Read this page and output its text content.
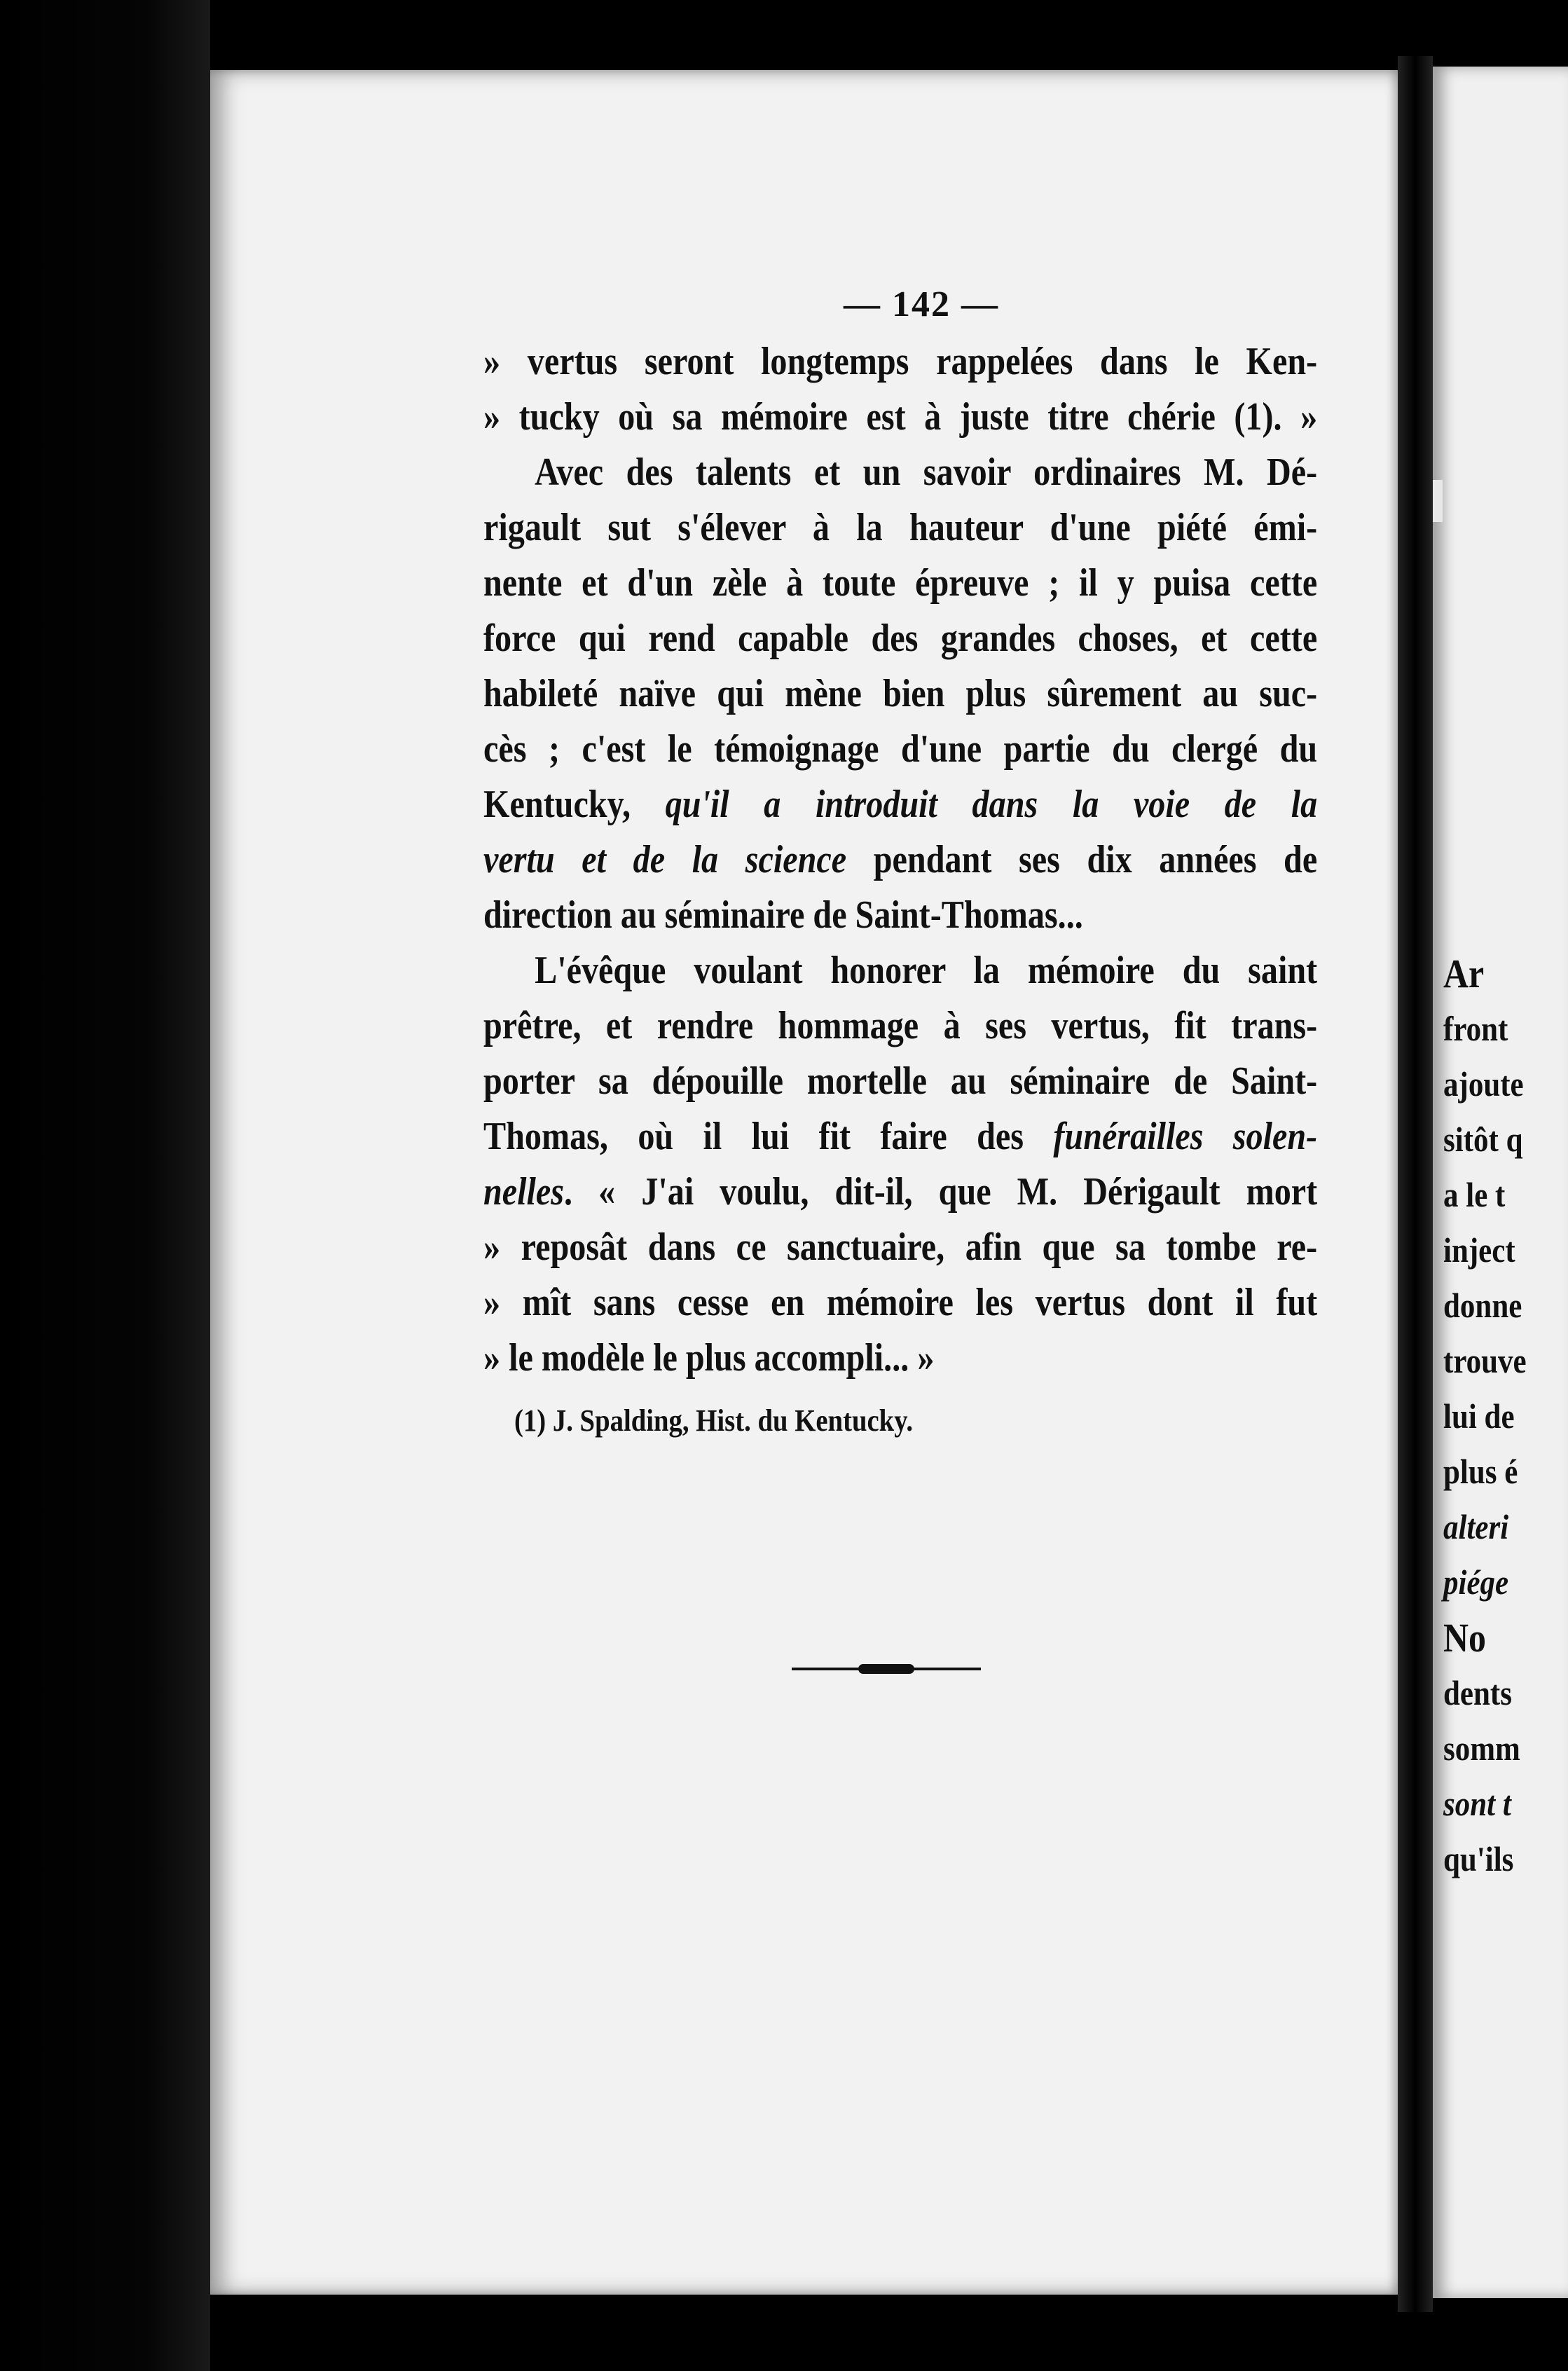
— 142 —
» vertus seront longtemps rappelées dans le Ken-
» tucky où sa mémoire est à juste titre chérie (1). »
Avec des talents et un savoir ordinaires M. Dé-
rigault sut s'élever à la hauteur d'une piété émi-
nente et d'un zèle à toute épreuve ; il y puisa cette
force qui rend capable des grandes choses, et cette
habileté naïve qui mène bien plus sûrement au suc-
cès ; c'est le témoignage d'une partie du clergé du
Kentucky, qu'il a introduit dans la voie de la
vertu et de la science pendant ses dix années de
direction au séminaire de Saint-Thomas...
L'évêque voulant honorer la mémoire du saint
prêtre, et rendre hommage à ses vertus, fit trans-
porter sa dépouille mortelle au séminaire de Saint-
Thomas, où il lui fit faire des funérailles solen-
nelles. « J'ai voulu, dit-il, que M. Dérigault mort
» reposât dans ce sanctuaire, afin que sa tombe re-
» mît sans cesse en mémoire les vertus dont il fut
» le modèle le plus accompli... »
(1) J. Spalding, Hist. du Kentucky.
Ar
front
ajoute
sitôt q
a le t
inject
donne
trouve
lui de
plus é
alteri
piége
No
dents
somm
sont t
qu'ils
